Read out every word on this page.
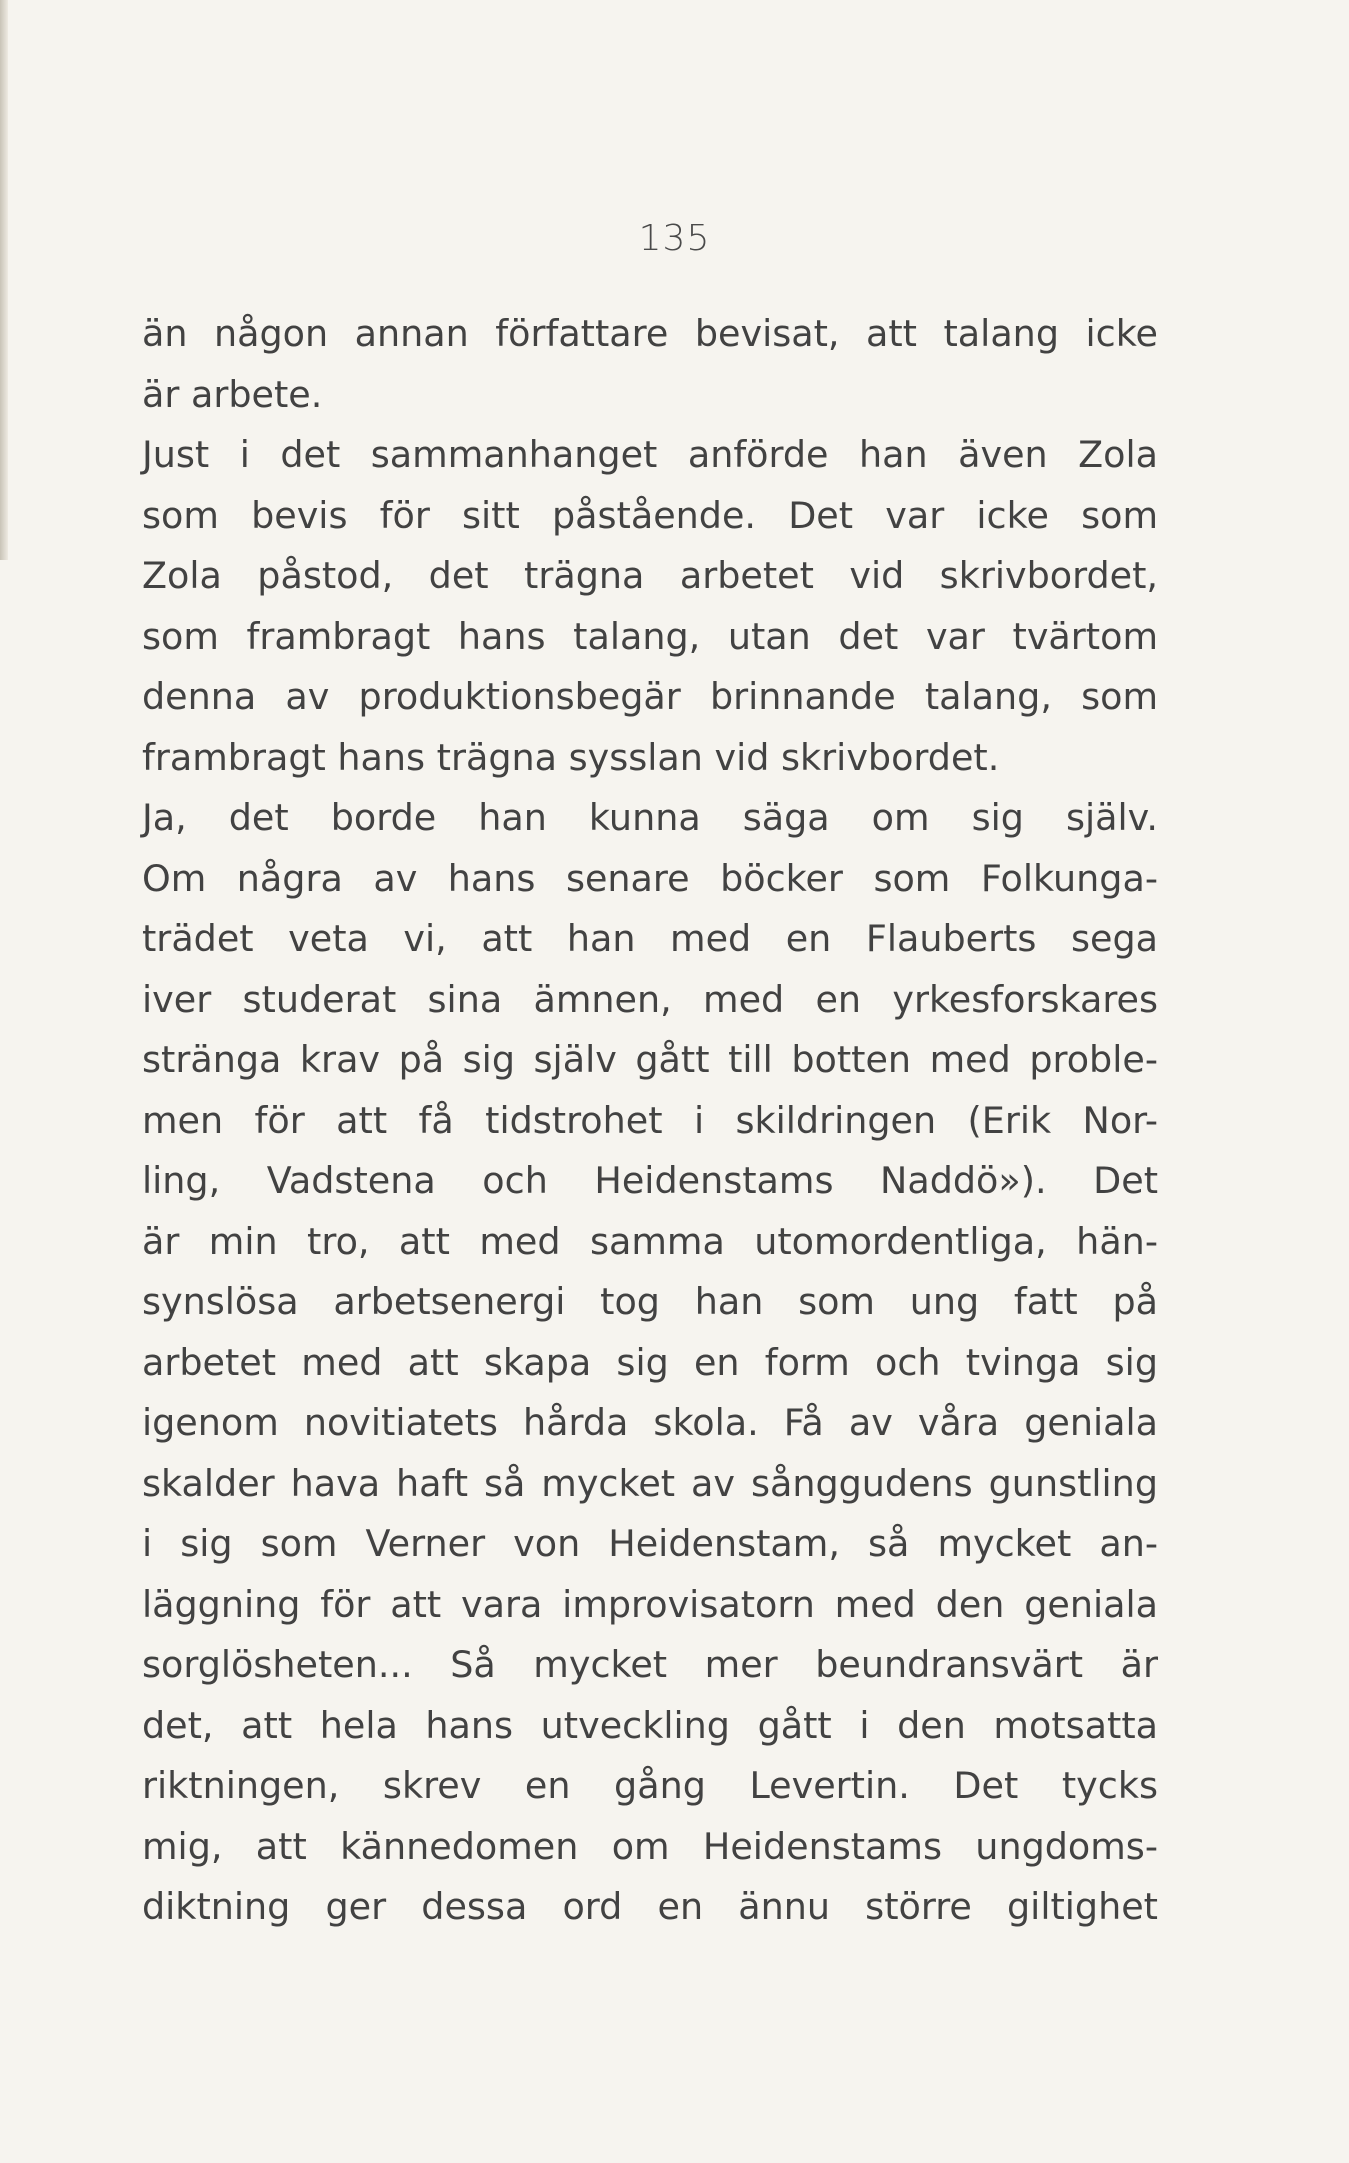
135
än någon annan författare bevisat, att talang icke
är arbete.
Just i det sammanhanget anförde han även Zola
som bevis för sitt påstående. Det var icke som
Zola påstod, det trägna arbetet vid skrivbordet,
som frambragt hans talang, utan det var tvärtom
denna av produktionsbegär brinnande talang, som
frambragt hans trägna sysslan vid skrivbordet.
Ja, det borde han kunna säga om sig själv.
Om några av hans senare böcker som Folkunga-
trädet veta vi, att han med en Flauberts sega
iver studerat sina ämnen, med en yrkesforskares
stränga krav på sig själv gått till botten med proble-
men för att få tidstrohet i skildringen (Erik Nor-
ling, Vadstena och Heidenstams Naddö»). Det
är min tro, att med samma utomordentliga, hän-
synslösa arbetsenergi tog han som ung fatt på
arbetet med att skapa sig en form och tvinga sig
igenom novitiatets hårda skola. Få av våra geniala
skalder hava haft så mycket av sånggudens gunstling
i sig som Verner von Heidenstam, så mycket an-
läggning för att vara improvisatorn med den geniala
sorglösheten... Så mycket mer beundransvärt är
det, att hela hans utveckling gått i den motsatta
riktningen, skrev en gång Levertin. Det tycks
mig, att kännedomen om Heidenstams ungdoms-
diktning ger dessa ord en ännu större giltighet
